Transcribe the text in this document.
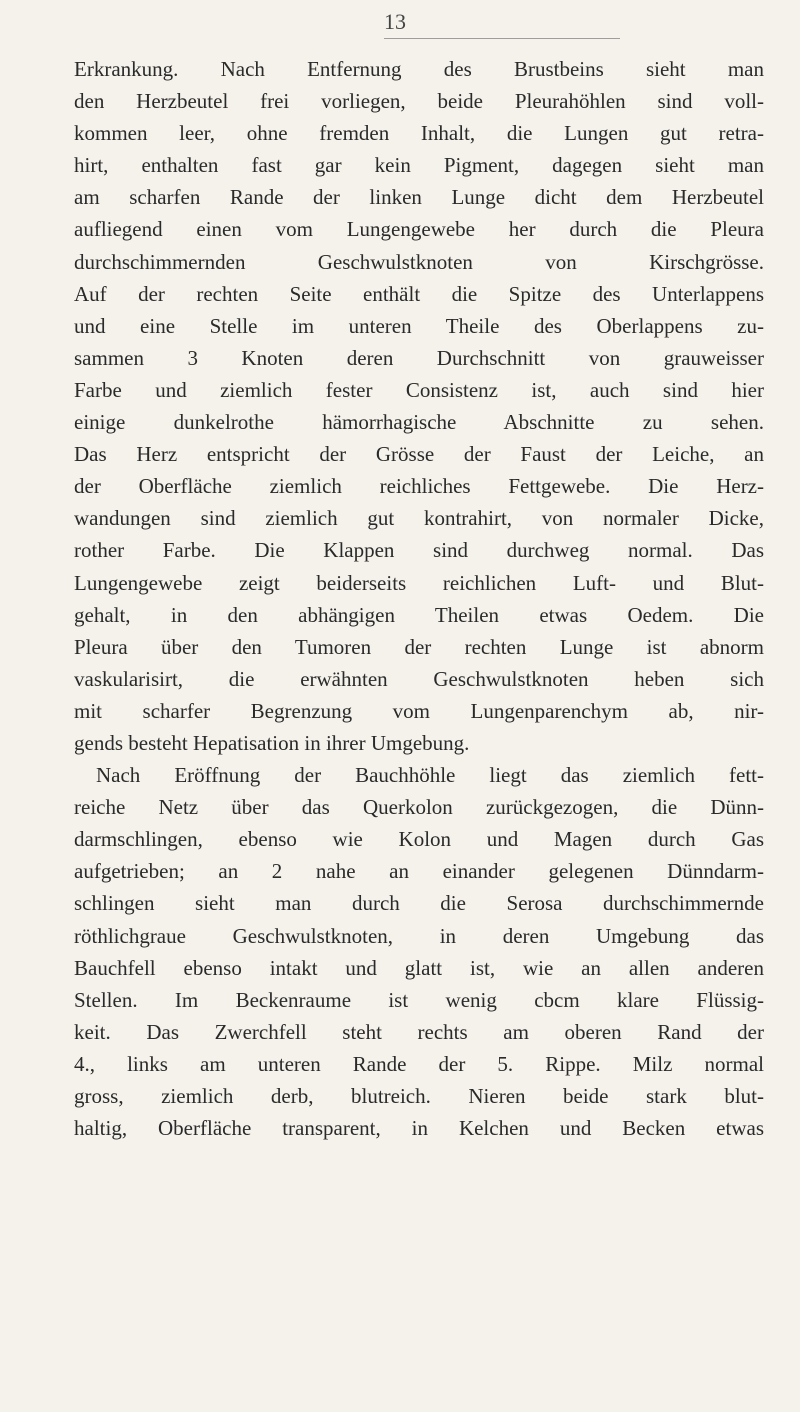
13
Erkrankung. Nach Entfernung des Brustbeins sieht man
den Herzbeutel frei vorliegen, beide Pleurahöhlen sind voll-
kommen leer, ohne fremden Inhalt, die Lungen gut retra-
hirt, enthalten fast gar kein Pigment, dagegen sieht man
am scharfen Rande der linken Lunge dicht dem Herzbeutel
aufliegend einen vom Lungengewebe her durch die Pleura
durchschimmernden Geschwulstknoten von Kirschgrösse.
Auf der rechten Seite enthält die Spitze des Unterlappens
und eine Stelle im unteren Theile des Oberlappens zu-
sammen 3 Knoten deren Durchschnitt von grauweisser
Farbe und ziemlich fester Consistenz ist, auch sind hier
einige dunkelrothe hämorrhagische Abschnitte zu sehen.
Das Herz entspricht der Grösse der Faust der Leiche, an
der Oberfläche ziemlich reichliches Fettgewebe. Die Herz-
wandungen sind ziemlich gut kontrahirt, von normaler Dicke,
rother Farbe. Die Klappen sind durchweg normal. Das
Lungengewebe zeigt beiderseits reichlichen Luft- und Blut-
gehalt, in den abhängigen Theilen etwas Oedem. Die
Pleura über den Tumoren der rechten Lunge ist abnorm
vaskularisirt, die erwähnten Geschwulstknoten heben sich
mit scharfer Begrenzung vom Lungenparenchym ab, nir-
gends besteht Hepatisation in ihrer Umgebung.
Nach Eröffnung der Bauchhöhle liegt das ziemlich fett-
reiche Netz über das Querkolon zurückgezogen, die Dünn-
darmschlingen, ebenso wie Kolon und Magen durch Gas
aufgetrieben; an 2 nahe an einander gelegenen Dünndarm-
schlingen sieht man durch die Serosa durchschimmernde
röthlichgraue Geschwulstknoten, in deren Umgebung das
Bauchfell ebenso intakt und glatt ist, wie an allen anderen
Stellen. Im Beckenraume ist wenig cbcm klare Flüssig-
keit. Das Zwerchfell steht rechts am oberen Rand der
4., links am unteren Rande der 5. Rippe. Milz normal
gross, ziemlich derb, blutreich. Nieren beide stark blut-
haltig, Oberfläche transparent, in Kelchen und Becken etwas
